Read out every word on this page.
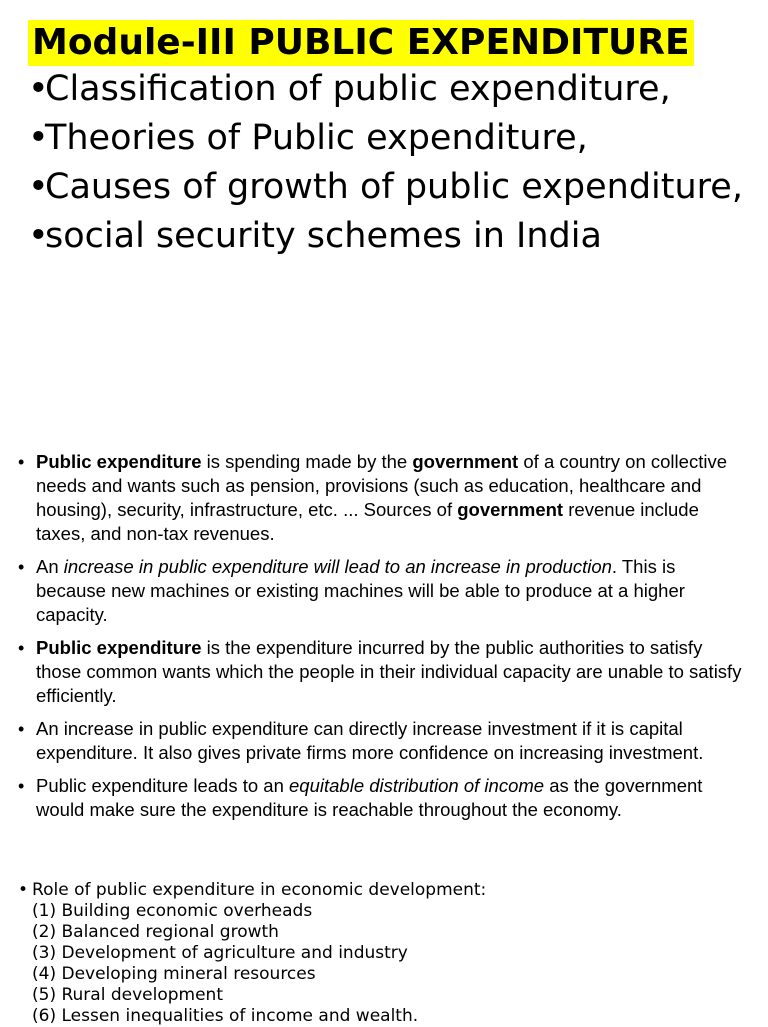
Module-III PUBLIC EXPENDITURE
•
Classification of public expenditure,
•
Theories of Public expenditure,
•
Causes of growth of public expenditure,
•
social security schemes in India
• Public expenditure is spending made by the government of a country on collective needs and wants such as pension, provisions (such as education, healthcare and housing), security, infrastructure, etc. ... Sources of government revenue include taxes, and non-tax revenues.
• An increase in public expenditure will lead to an increase in production. This is because new machines or existing machines will be able to produce at a higher capacity.
• Public expenditure is the expenditure incurred by the public authorities to satisfy those common wants which the people in their individual capacity are unable to satisfy efficiently.
• An increase in public expenditure can directly increase investment if it is capital expenditure. It also gives private firms more confidence on increasing investment.
• Public expenditure leads to an equitable distribution of income as the government would make sure the expenditure is reachable throughout the economy.
• Role of public expenditure in economic development:
(1) Building economic overheads
(2) Balanced regional growth
(3) Development of agriculture and industry
(4) Developing mineral resources
(5) Rural development
(6) Lessen inequalities of income and wealth.
